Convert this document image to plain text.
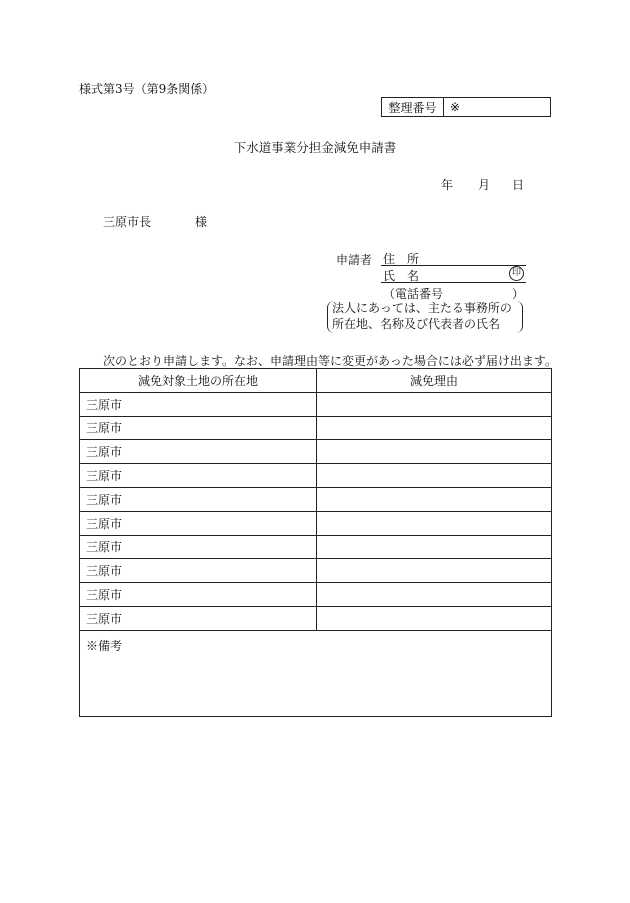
様式第3号（第9条関係）
整理番号	※
下水道事業分担金減免申請書
年 月 日
三原市長	様
申請者 住　所
氏　名	印
（電話番号	）
法人にあっては、主たる事務所の
所在地、名称及び代表者の氏名
次のとおり申請します。なお、申請理由等に変更があった場合には必ず届け出ます。
減免対象土地の所在地	減免理由
三原市	
三原市	
三原市	
三原市	
三原市	
三原市	
三原市	
三原市	
三原市	
三原市	
※備考	
